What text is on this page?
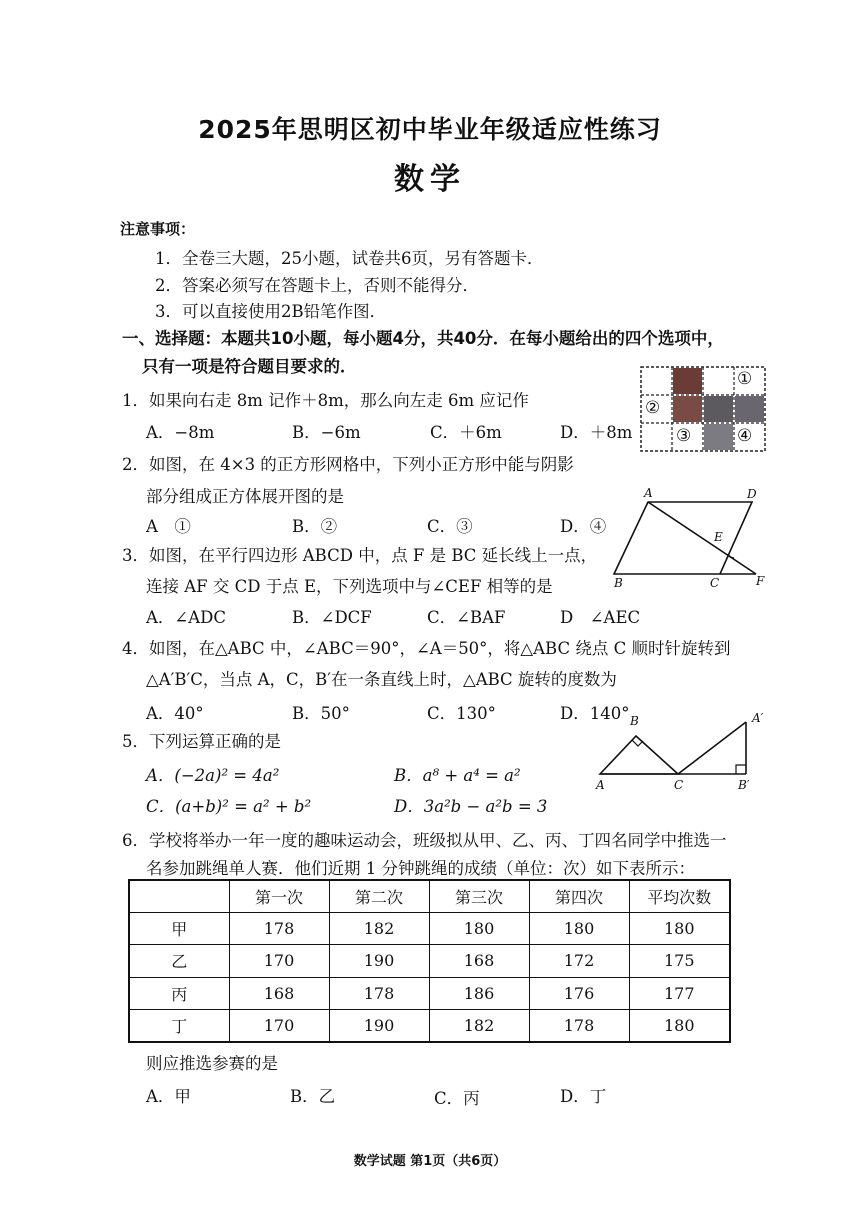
2025年思明区初中毕业年级适应性练习
数学
注意事项：
1．全卷三大题，25小题，试卷共6页，另有答题卡．
2．答案必须写在答题卡上，否则不能得分．
3．可以直接使用2B铅笔作图．
一、选择题：本题共10小题，每小题4分，共40分．在每小题给出的四个选项中，
只有一项是符合题目要求的．
1．如果向右走 8m 记作＋8m，那么向左走 6m 应记作
A．−8m	B．−6m	C．＋6m	D．＋8m
①
②
③	④
2．如图，在 4×3 的正方形网格中，下列小正方形中能与阴影
部分组成正方体展开图的是
A　①	B．②	C．③	D．④
A	D
E
B	C	F
3．如图，在平行四边形 ABCD 中，点 F 是 BC 延长线上一点，
连接 AF 交 CD 于点 E，下列选项中与∠CEF 相等的是
A．∠ADC	B．∠DCF	C．∠BAF	D　∠AEC
4．如图，在△ABC 中，∠ABC＝90°，∠A＝50°，将△ABC 绕点 C 顺时针旋转到
△A′B′C，当点 A，C，B′在一条直线上时，△ABC 旋转的度数为
A．40°	B．50°	C．130°	D．140° B	A′
A	C	B′
5．下列运算正确的是
A．(−2a)² = 4a²	B．a⁸ + a⁴ = a²
C．(a+b)² = a² + b²	D．3a²b − a²b = 3
6．学校将举办一年一度的趣味运动会，班级拟从甲、乙、丙、丁四名同学中推选一
名参加跳绳单人赛．他们近期 1 分钟跳绳的成绩（单位：次）如下表所示：
	第一次	第二次	第三次	第四次	平均次数
甲	178	182	180	180	180
乙	170	190	168	172	175
丙	168	178	186	176	177
丁	170	190	182	178	180
则应推选参赛的是
A．甲	B．乙	C．丙	D．丁
数学试题 第1页（共6页）
